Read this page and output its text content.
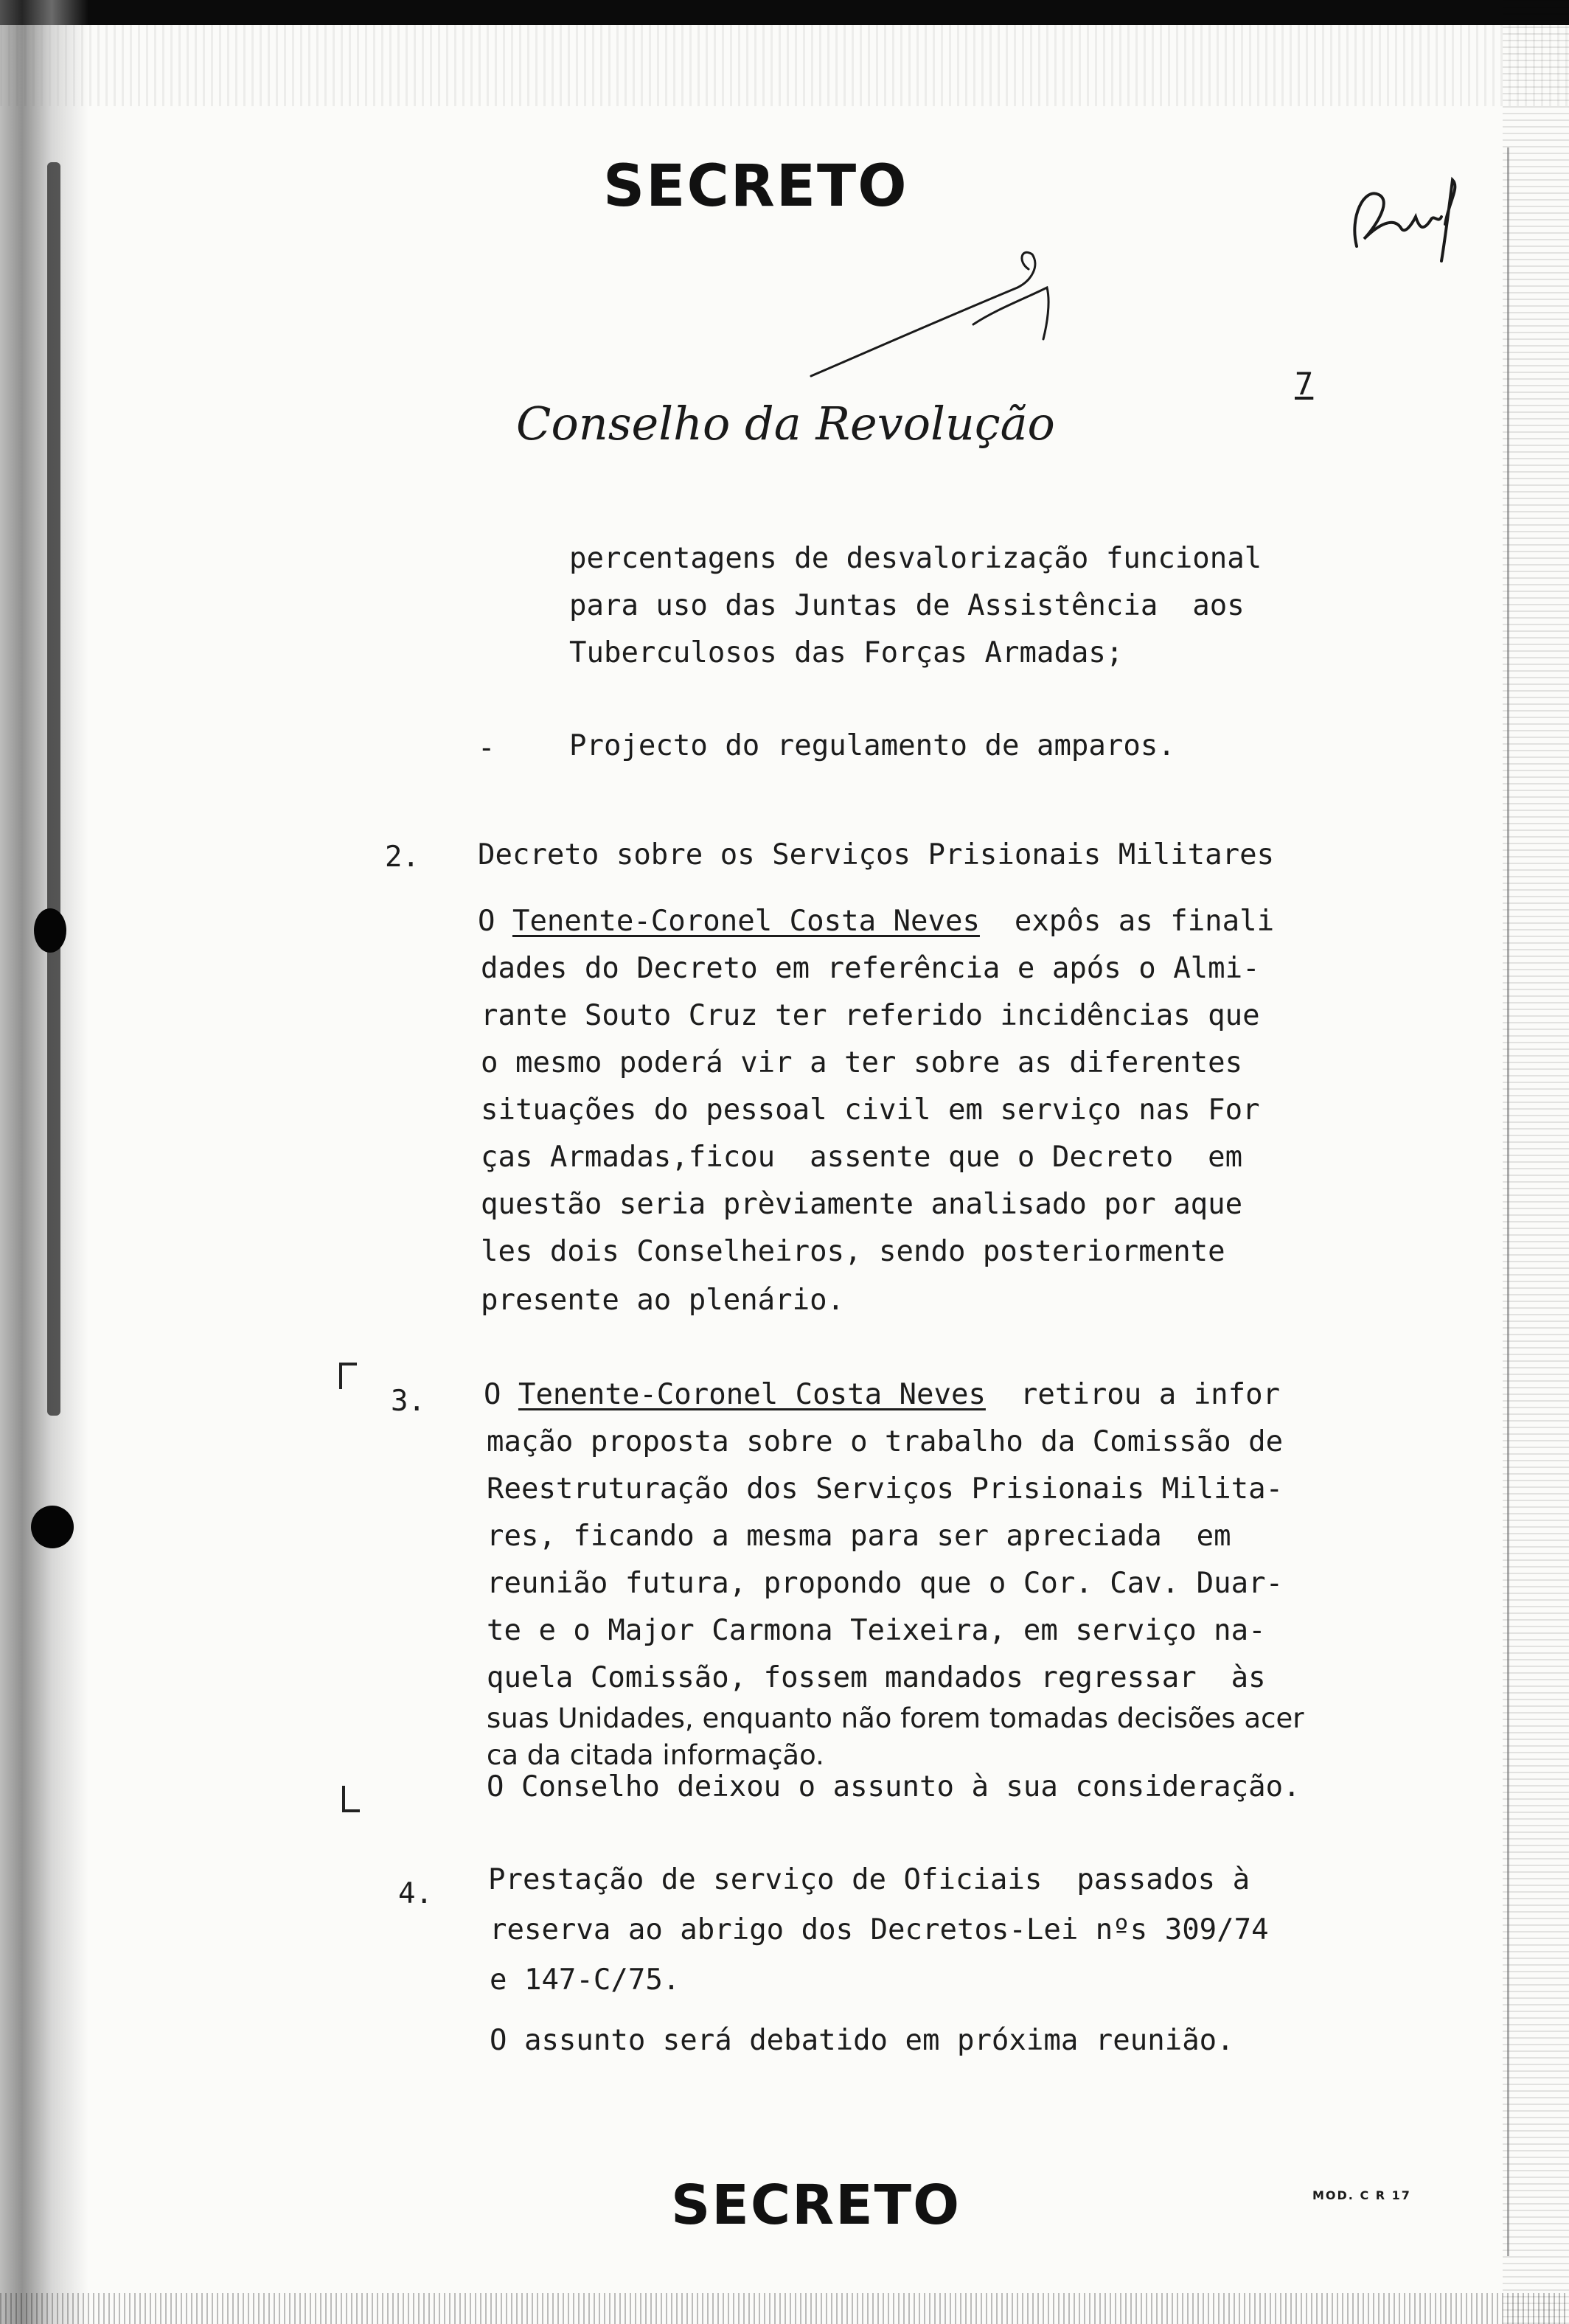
SECRETO
Conselho da Revolução
7
percentagens de desvalorização funcional
para uso das Juntas de Assistência  aos
Tuberculosos das Forças Armadas;
-	Projecto do regulamento de amparos.
2. Decreto sobre os Serviços Prisionais Militares
O Tenente-Coronel Costa Neves  expôs as finali
dades do Decreto em referência e após o Almi-
rante Souto Cruz ter referido incidências que
o mesmo poderá vir a ter sobre as diferentes
situações do pessoal civil em serviço nas For
ças Armadas,ficou  assente que o Decreto  em
questão seria prèviamente analisado por aque
les dois Conselheiros, sendo posteriormente
presente ao plenário.
3. O Tenente-Coronel Costa Neves  retirou a infor
mação proposta sobre o trabalho da Comissão de
Reestruturação dos Serviços Prisionais Milita-
res, ficando a mesma para ser apreciada  em
reunião futura, propondo que o Cor. Cav. Duar-
te e o Major Carmona Teixeira, em serviço na-
quela Comissão, fossem mandados regressar  às
suas Unidades, enquanto não forem tomadas decisões acer
ca da citada informação.
O Conselho deixou o assunto à sua consideração.
4. Prestação de serviço de Oficiais  passados à
reserva ao abrigo dos Decretos-Lei nºs 309/74
e 147-C/75.
O assunto será debatido em próxima reunião.
SECRETO	MOD. C R 17
